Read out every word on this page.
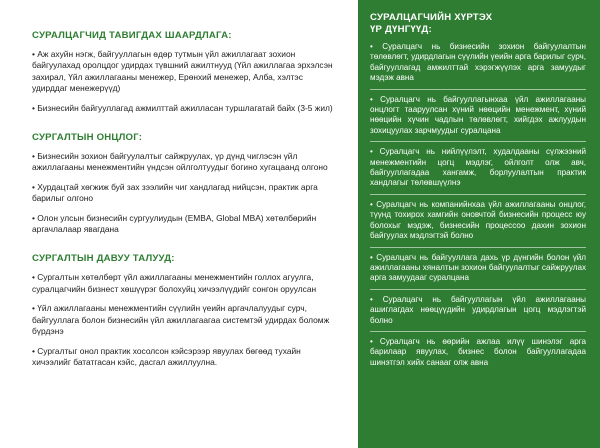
СУРАЛЦАГЧИД ТАВИГДАХ ШААРДЛАГА:

• Аж ахуйн нэгж, байгууллагын өдөр тутмын үйл ажиллагаат зохион байгуулахад оролцдог удирдах түвшний ажилтнууд (Үйл ажиллагаа эрхэлсэн захирал, Үйл ажиллагааны менежер, Ерөнхий менежер, Алба, хэлтэс удирддаг менежерүүд)

• Бизнесийн байгууллагад ажмилттай ажилласан туршлагатай байх (3-5 жил)

СУРГАЛТЫН ОНЦЛОГ:

• Бизнесийн зохион байгуулалтыг сайжруулах, үр дүнд чиглэсэн үйл ажиллагааны менежментийн үндсэн ойлголтуудыг богино хугацаанд олгоно

• Хурдацтай хөгжиж буй зах зээлийн чиг хандлагад нийцсэн, практик арга барилыг олгоно

• Олон улсын бизнесийн сургуулиудын (EMBA, Global MBA) хөтөлбөрийн аргачлалаар явагдана

СУРГАЛТЫН ДАВУУ ТАЛУУД:

• Сургалтын хөтөлбөрт үйл ажиллагааны менежментийн голлох агуулга, суралцагчийн бизнест хөшүүрэг болохуйц хичээлүүдийг сонгон оруулсан

• Үйл ажиллагааны менежментийн сүүлийн үеийн аргачлалуудыг сурч, байгууллага болон бизнесийн үйл ажиллагаагаа системтэй удирдах боломж бүрдэнэ

• Сургалтыг онол практик хосолсон кэйсэрээр явуулах бөгөөд тухайн хичээлийг бататгасан кэйс, дасгал ажиллуулна.

СУРАЛЦАГЧИЙН ХҮРТЭХ
ҮР ДҮНГҮҮД:

• Суралцагч нь бизнесийн зохион байгуулалтын төлөвлөгт, удирдлагын сүүлийн үеийн арга барилыг сурч, байгууллагад амжилттай хэрэгжүүлэх арга замуудыг мэдэж авна

• Суралцагч нь байгууллагынхаа үйл ажиллагааны онцлогт тааруулсан хүний нөөцийн менежмент, хүний нөөцийн хүчин чадлын төлөвлөгт, хийгдэх ажлуудын зохицуулах зарчмуудыг суралцана

• Суралцагч нь нийлүүлэлт, худалдааны сүлжээний менежментийн цогц мэдлэг, ойлголт олж авч, байгууллагадаа хангамж, борлуулалтын практик хандлагыг төлөвшүүлнэ

• Суралцагч нь компанийнхаа үйл ажиллагааны онцлог, түүнд тохирох хамгийн оновчтой бизнесийн процесс юу болохыг мэдэж, бизнесийн процессоо дахин зохион байгуулах мэдлэгтэй болно

• Суралцагч нь байгууллага дахь үр дүнгийн болон үйл ажиллагааны хяналтын зохион байгуулалтыг сайжруулах арга замуудааг суралцана

• Суралцагч нь байгууллагын үйл ажиллагааны ашиглагдах нөөцүүдийн удирдлагын цогц мэдлэгтэй болно

• Суралцагч нь өөрийн ажлаа илүү шинэлэг арга барилаар явуулах, бизнес болон байгууллагадаа шинэтгэл хийх санааг олж авна
